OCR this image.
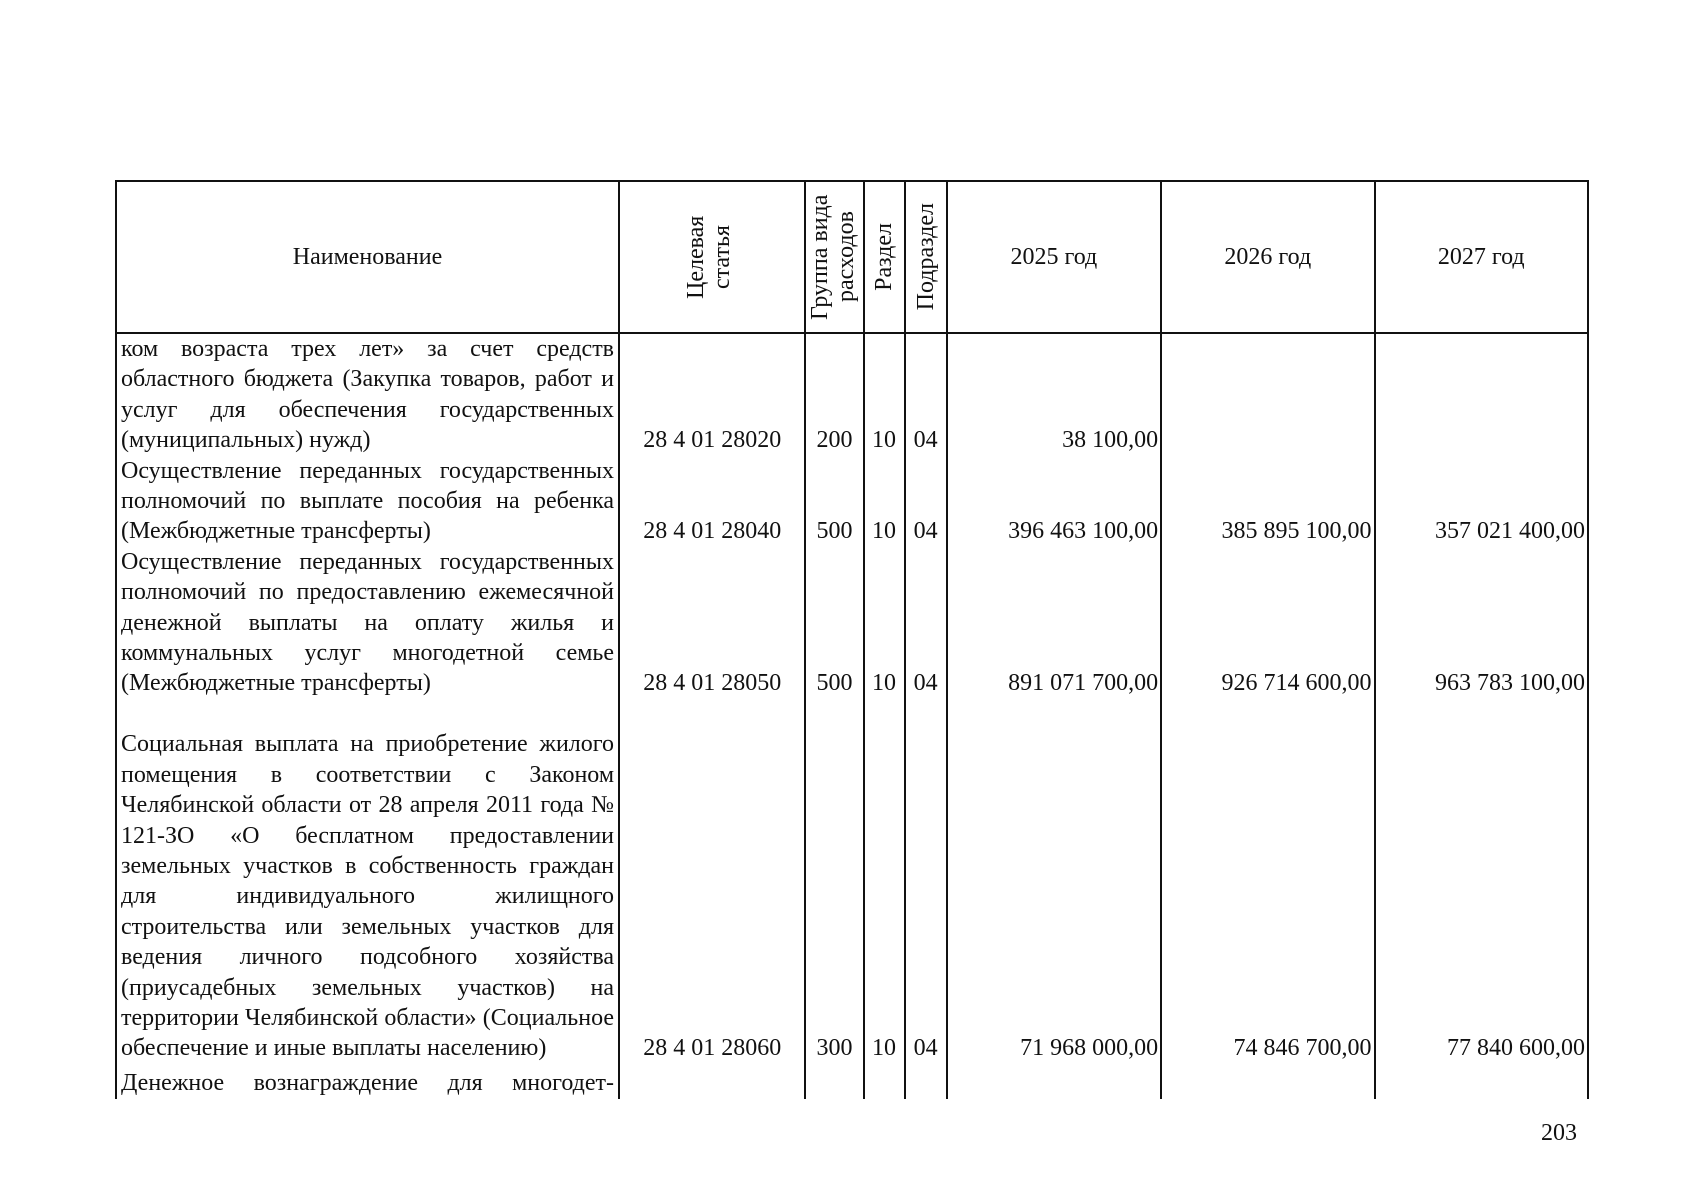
Наименование	Целевая статья	Группа вида расходов	Раздел	Подраздел	2025 год	2026 год	2027 год
ком возраста трех лет» за счет средств областного бюджета (Закупка товаров, работ и услуг для обеспечения государственных (муниципальных) нужд)	28 4 01 28020	200	10	04	38 100,00		
Осуществление переданных государственных полномочий по выплате пособия на ребенка (Межбюджетные трансферты)	28 4 01 28040	500	10	04	396 463 100,00	385 895 100,00	357 021 400,00
Осуществление переданных государственных полномочий по предоставлению ежемесячной денежной выплаты на оплату жилья и коммунальных услуг многодетной семье (Межбюджетные трансферты)	28 4 01 28050	500	10	04	891 071 700,00	926 714 600,00	963 783 100,00
Социальная выплата на приобретение жилого помещения в соответствии с Законом Челябинской области от 28 апреля 2011 года № 121-ЗО «О бесплатном предоставлении земельных участков в собственность граждан для индивидуального жилищного строительства или земельных участков для ведения личного подсобного хозяйства (приусадебных земельных участков) на территории Челябинской области» (Социальное обеспечение и иные выплаты населению)	28 4 01 28060	300	10	04	71 968 000,00	74 846 700,00	77 840 600,00
Денежное вознаграждение для многодет-							
203
